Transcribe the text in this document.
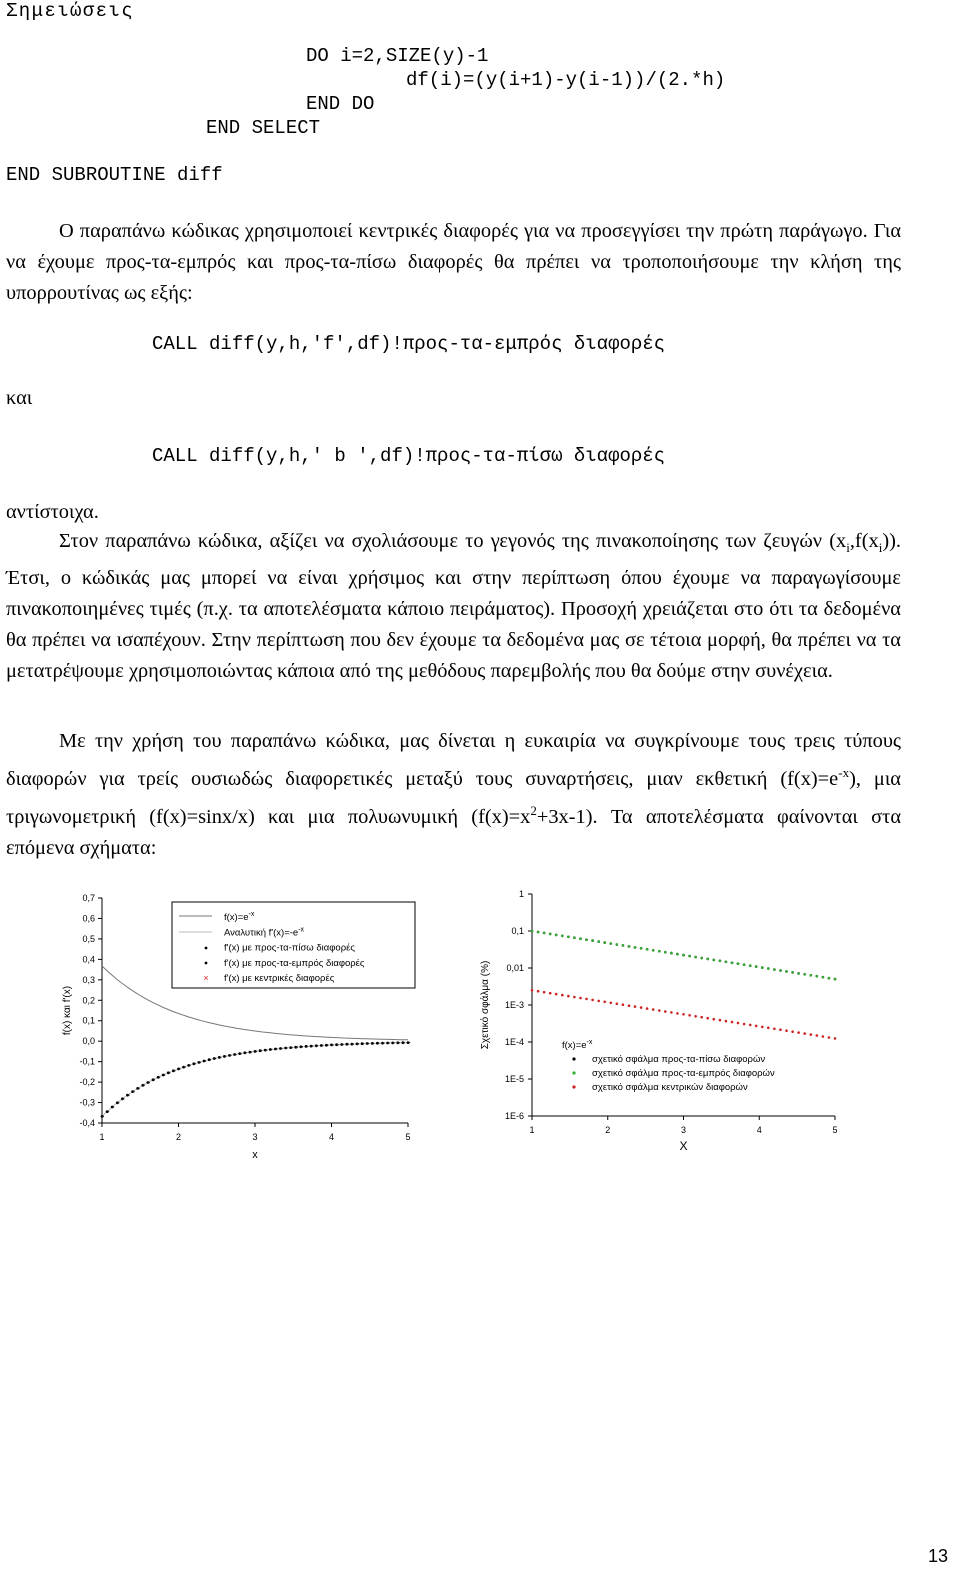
Σημειώσεις
DO i=2,SIZE(y)-1
df(i)=(y(i+1)-y(i-1))/(2.*h)
END DO
END SELECT
END SUBROUTINE diff

Ο παραπάνω κώδικας χρησιμοποιεί κεντρικές διαφορές για να προσεγγίσει την πρώτη παράγωγο. Για να έχουμε προς-τα-εμπρός και προς-τα-πίσω διαφορές θα πρέπει να τροποποιήσουμε την κλήση της υπορρουτίνας ως εξής:

CALL diff(y,h,'f',df)!προς-τα-εμπρός διαφορές
και
CALL diff(y,h,' b ',df)!προς-τα-πίσω διαφορές
αντίστοιχα.

Στον παραπάνω κώδικα, αξίζει να σχολιάσουμε το γεγονός της πινακοποίησης των ζευγών $(x_i,f(x_i))$. Έτσι, ο κώδικάς μας μπορεί να είναι χρήσιμος και στην περίπτωση όπου έχουμε να παραγωγίσουμε πινακοποιημένες τιμές (π.χ. τα αποτελέσματα κάποιο πειράματος). Προσοχή χρειάζεται στο ότι τα δεδομένα θα πρέπει να ισαπέχουν. Στην περίπτωση που δεν έχουμε τα δεδομένα μας σε τέτοια μορφή, θα πρέπει να τα μετατρέψουμε χρησιμοποιώντας κάποια από της μεθόδους παρεμβολής που θα δούμε στην συνέχεια.

Με την χρήση του παραπάνω κώδικα, μας δίνεται η ευκαιρία να συγκρίνουμε τους τρεις τύπους διαφορών για τρείς ουσιωδώς διαφορετικές μεταξύ τους συναρτήσεις, μιαν εκθετική $(f(x)=e^{-x})$, μια τριγωνομετρική (f(x)=sinx/x) και μια πολυωνυμική $(f(x)=x^2+3x-1)$. Τα αποτελέσματα φαίνονται στα επόμενα σχήματα:

1	2	3	4	5
0,7
0,6
0,5
0,4
0,3
0,2
0,1
0,0
-0,1
-0,2
-0,3
-0,4
x
f(x) και f'(x)
$f(x)=e^{-x}$
Αναλυτική $f'(x)=-e^{-x}$
f'(x) με προς-τα-πίσω διαφορές
f'(x) με προς-τα-εμπρός διαφορές
× f'(x) με κεντρικές διαφορές
1	2	3	4	5
1
0,1
0,01
1E-3
1E-4
1E-5
1E-6
X
Σχετικό σφάλμα (%)	$f(x)=e^{-x}$
σχετικό σφάλμα προς-τα-πίσω διαφορών
σχετικό σφάλμα προς-τα-εμπρός διαφορών
σχετικό σφάλμα κεντρικών διαφορών
13
